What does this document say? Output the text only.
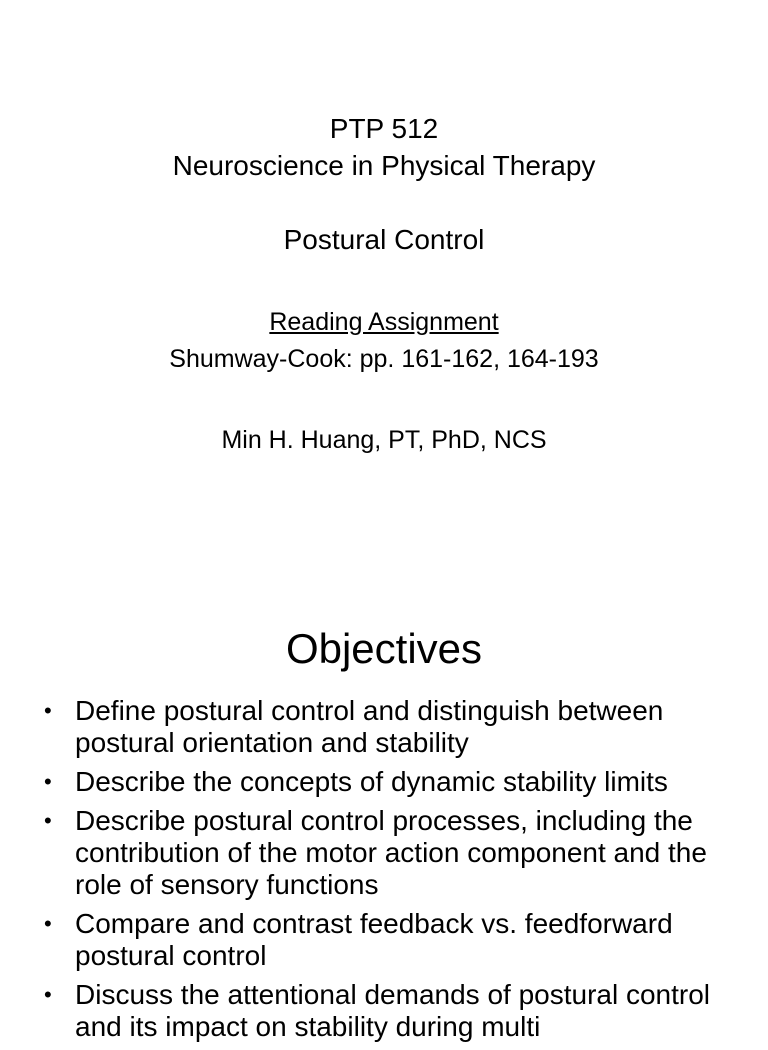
PTP 512
Neuroscience in Physical Therapy
Postural Control
Reading Assignment
Shumway-Cook: pp. 161-162, 164-193
Min H. Huang, PT, PhD, NCS
Objectives
• Define postural control and distinguish between postural orientation and stability
• Describe the concepts of dynamic stability limits
• Describe postural control processes, including the contribution of the motor action component and the role of sensory functions
• Compare and contrast feedback vs. feedforward postural control
• Discuss the attentional demands of postural control and its impact on stability during multi
